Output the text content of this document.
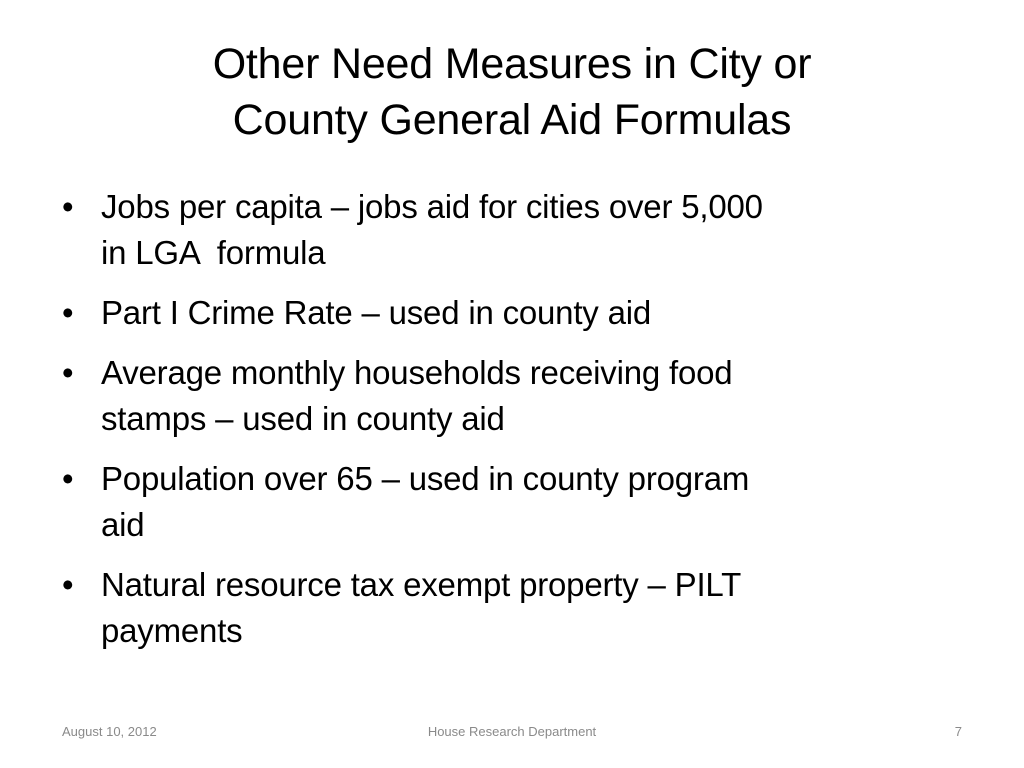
Other Need Measures in City or
County General Aid Formulas
• Jobs per capita – jobs aid for cities over 5,000
in LGA  formula
• Part I Crime Rate – used in county aid
• Average monthly households receiving food
stamps – used in county aid
• Population over 65 – used in county program
aid
• Natural resource tax exempt property – PILT
payments
August 10, 2012	House Research Department	7
